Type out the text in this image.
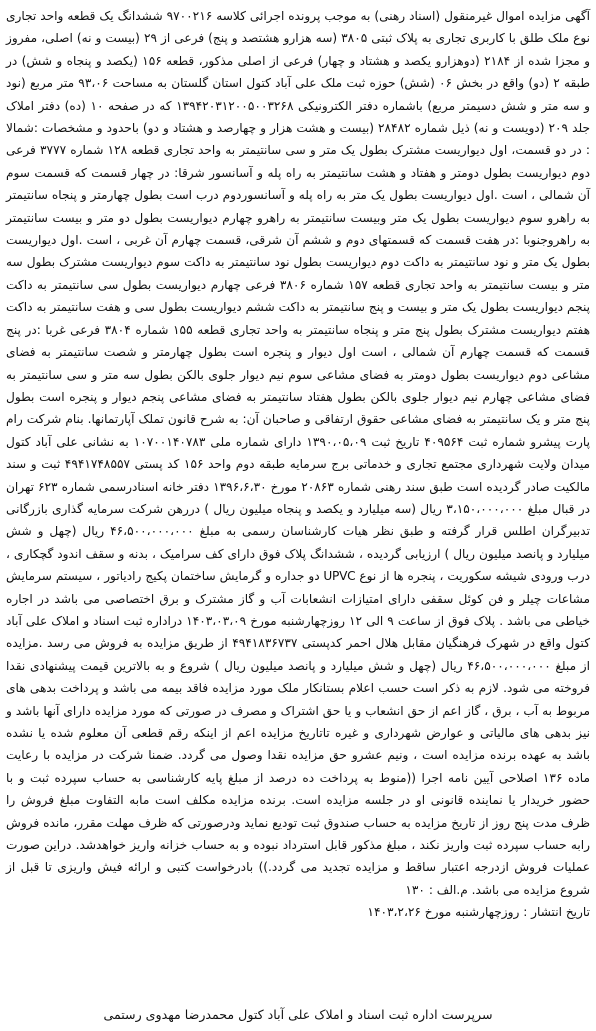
آگهی مزایده اموال غیرمنقول (اسناد رهنی) به موجب پرونده اجرائی کلاسه ۹۷۰۰۲۱۶ ششدانگ یک قطعه واحد تجاری نوع ملک طلق با کاربری تجاری به پلاک ثبتی ۳۸۰۵ (سه هزارو هشتصد و پنج) فرعی از ۲۹ (بیست و نه) اصلی، مفروز و مجزا شده از ۲۱۸۴ (دوهزارو یکصد و هشتاد و چهار) فرعی از اصلی مذکور، قطعه ۱۵۶ (یکصد و پنجاه و شش) در طبقه ۲ (دو) واقع در بخش ۰۶ (شش) حوزه ثبت ملک علی آباد کتول استان گلستان به مساحت ۹۳،۰۶ متر مربع (نود و سه متر و شش دسیمتر مربع) باشماره دفتر الکترونیکی ۱۳۹۴۲۰۳۱۲۰۰۵۰۰۳۲۶۸ که در صفحه ۱۰ (ده) دفتر املاک جلد ۲۰۹ (دویست و نه) ذیل شماره ۲۸۴۸۲ (بیست و هشت هزار و چهارصد و هشتاد و دو) باحدود و مشخصات :شمالا : در دو قسمت، اول دیواریست مشترک بطول یک متر و سی سانتیمتر به واحد تجاری قطعه ۱۲۸ شماره ۳۷۷۷ فرعی دوم دیواریست بطول دومتر و هفتاد و هشت سانتیمتر به راه پله و آسانسور شرقا: در چهار قسمت که قسمت سوم آن شمالی ، است .اول دیواریست بطول یک متر به راه پله و آسانسوردوم درب است بطول چهارمتر و پنجاه سانتیمتر به راهرو سوم دیواریست بطول یک متر وبیست سانتیمتر به راهرو چهارم دیواریست بطول دو متر و بیست سانتیمتر به راهروجنوبا :در هفت قسمت که قسمتهای دوم و ششم آن شرقی، قسمت چهارم آن غربی ، است .اول دیواریست بطول یک متر و نود سانتیمتر به داکت دوم دیواریست بطول نود سانتیمتر به داکت سوم دیواریست مشترک بطول سه متر و بیست سانتیمتر به واحد تجاری قطعه ۱۵۷ شماره ۳۸۰۶ فرعی چهارم دیواریست بطول سی سانتیمتر به داکت پنجم دیواریست بطول یک متر و بیست و پنج سانتیمتر به داکت ششم دیواریست بطول سی و هفت سانتیمتر به داکت هفتم دیواریست مشترک بطول پنج متر و پنجاه سانتیمتر به واحد تجاری قطعه ۱۵۵ شماره ۳۸۰۴ فرعی غربا :در پنج قسمت که قسمت چهارم آن شمالی ، است اول دیوار و پنجره است بطول چهارمتر و شصت سانتیمتر به فضای مشاعی دوم دیواریست بطول دومتر به فضای مشاعی سوم نیم دیوار جلوی بالکن بطول سه متر و سی سانتیمتر به فضای مشاعی چهارم نیم دیوار جلوی بالکن بطول هفتاد سانتیمتر به فضای مشاعی پنجم دیوار و پنجره است بطول پنج متر و یک سانتیمتر به فضای مشاعی حقوق ارتفاقی و صاحبان آن: به شرح قانون تملک آپارتمانها. بنام شرکت رام پارت پیشرو شماره ثبت ۴۰۹۵۶۴ تاریخ ثبت ۱۳۹۰،۰۵،۰۹ دارای شماره ملی ۱۰۷۰۰۱۴۰۷۸۳ به نشانی علی آباد کتول میدان ولایت شهرداری مجتمع تجاری و خدماتی برج سرمایه طبقه دوم واحد ۱۵۶ کد پستی ۴۹۴۱۷۴۸۵۵۷ ثبت و سند مالکیت صادر گردیده است طبق سند رهنی شماره ۲۰۸۶۳ مورخ ۱۳۹۶،۶،۳۰ دفتر خانه اسنادرسمی شماره ۶۲۳ تهران در قبال مبلغ ۳،۱۵۰،۰۰۰،۰۰۰ ریال (سه میلیارد و یکصد و پنجاه میلیون ریال ) دررهن شرکت سرمایه گذاری بازرگانی تدبیرگران اطلس قرار گرفته و طبق نظر هیات کارشناسان رسمی به مبلغ ۴۶،۵۰۰،۰۰۰،۰۰۰ ریال (چهل و شش میلیارد و پانصد میلیون ریال ) ارزیابی گردیده ، ششدانگ پلاک فوق دارای کف سرامیک ، بدنه و سقف اندود گچکاری ، درب ورودی شیشه سکوریت ، پنجره ها از نوع UPVC دو جداره و گرمایش ساختمان پکیج رادیاتور ، سیستم سرمایش مشاعات چیلر و فن کوئل سقفی دارای امتیازات انشعابات آب و گاز مشترک و برق اختصاصی می باشد در اجاره خیاطی می باشد . پلاک فوق از ساعت ۹ الی ۱۲ روزچهارشنبه مورخ ۱۴۰۳،۰۳،۰۹ دراداره ثبت اسناد و املاک علی آباد کتول واقع در شهرک فرهنگیان مقابل هلال احمر کدپستی ۴۹۴۱۸۳۶۷۳۷ از طریق مزایده به فروش می رسد .مزایده از مبلغ ۴۶،۵۰۰،۰۰۰،۰۰۰ ریال (چهل و شش میلیارد و پانصد میلیون ریال ) شروع و به بالاترین قیمت پیشنهادی نقدا فروخته می شود. لازم به ذکر است حسب اعلام بستانکار ملک مورد مزایده فاقد بیمه می باشد و پرداخت بدهی های مربوط به آب ، برق ، گاز اعم از حق انشعاب و یا حق اشتراک و مصرف در صورتی که مورد مزایده دارای آنها باشد و نیز بدهی های مالیاتی و عوارض شهرداری و غیره تاتاریخ مزایده اعم از اینکه رقم قطعی آن معلوم شده یا نشده باشد به عهده برنده مزایده است ، ونیم عشرو حق مزایده نقدا وصول می گردد. ضمنا شرکت در مزایده با رعایت ماده ۱۳۶ اصلاحی آیین نامه اجرا ((منوط به پرداخت ده درصد از مبلغ پایه کارشناسی به حساب سپرده ثبت و با حضور خریدار یا نماینده قانونی او در جلسه مزایده است. برنده مزایده مکلف است مابه التفاوت مبلغ فروش را ظرف مدت پنج روز از تاریخ مزایده به حساب صندوق ثبت تودیع نماید ودرصورتی که ظرف مهلت مقرر، مانده فروش رابه حساب سپرده ثبت واریز نکند ، مبلغ مذکور قابل استرداد نبوده و به حساب خزانه واریز خواهدشد. دراین صورت عملیات فروش ازدرجه اعتبار ساقط و مزایده تجدید می گردد.)) بادرخواست کتبی و ارائه فیش واریزی تا قبل از شروع مزایده می باشد. م.الف : ۱۳۰
تاریخ انتشار : روزچهارشنبه مورخ ۱۴۰۳،۲،۲۶
سرپرست اداره ثبت اسناد و املاک علی آباد کتول محمدرضا مهدوی رستمی
